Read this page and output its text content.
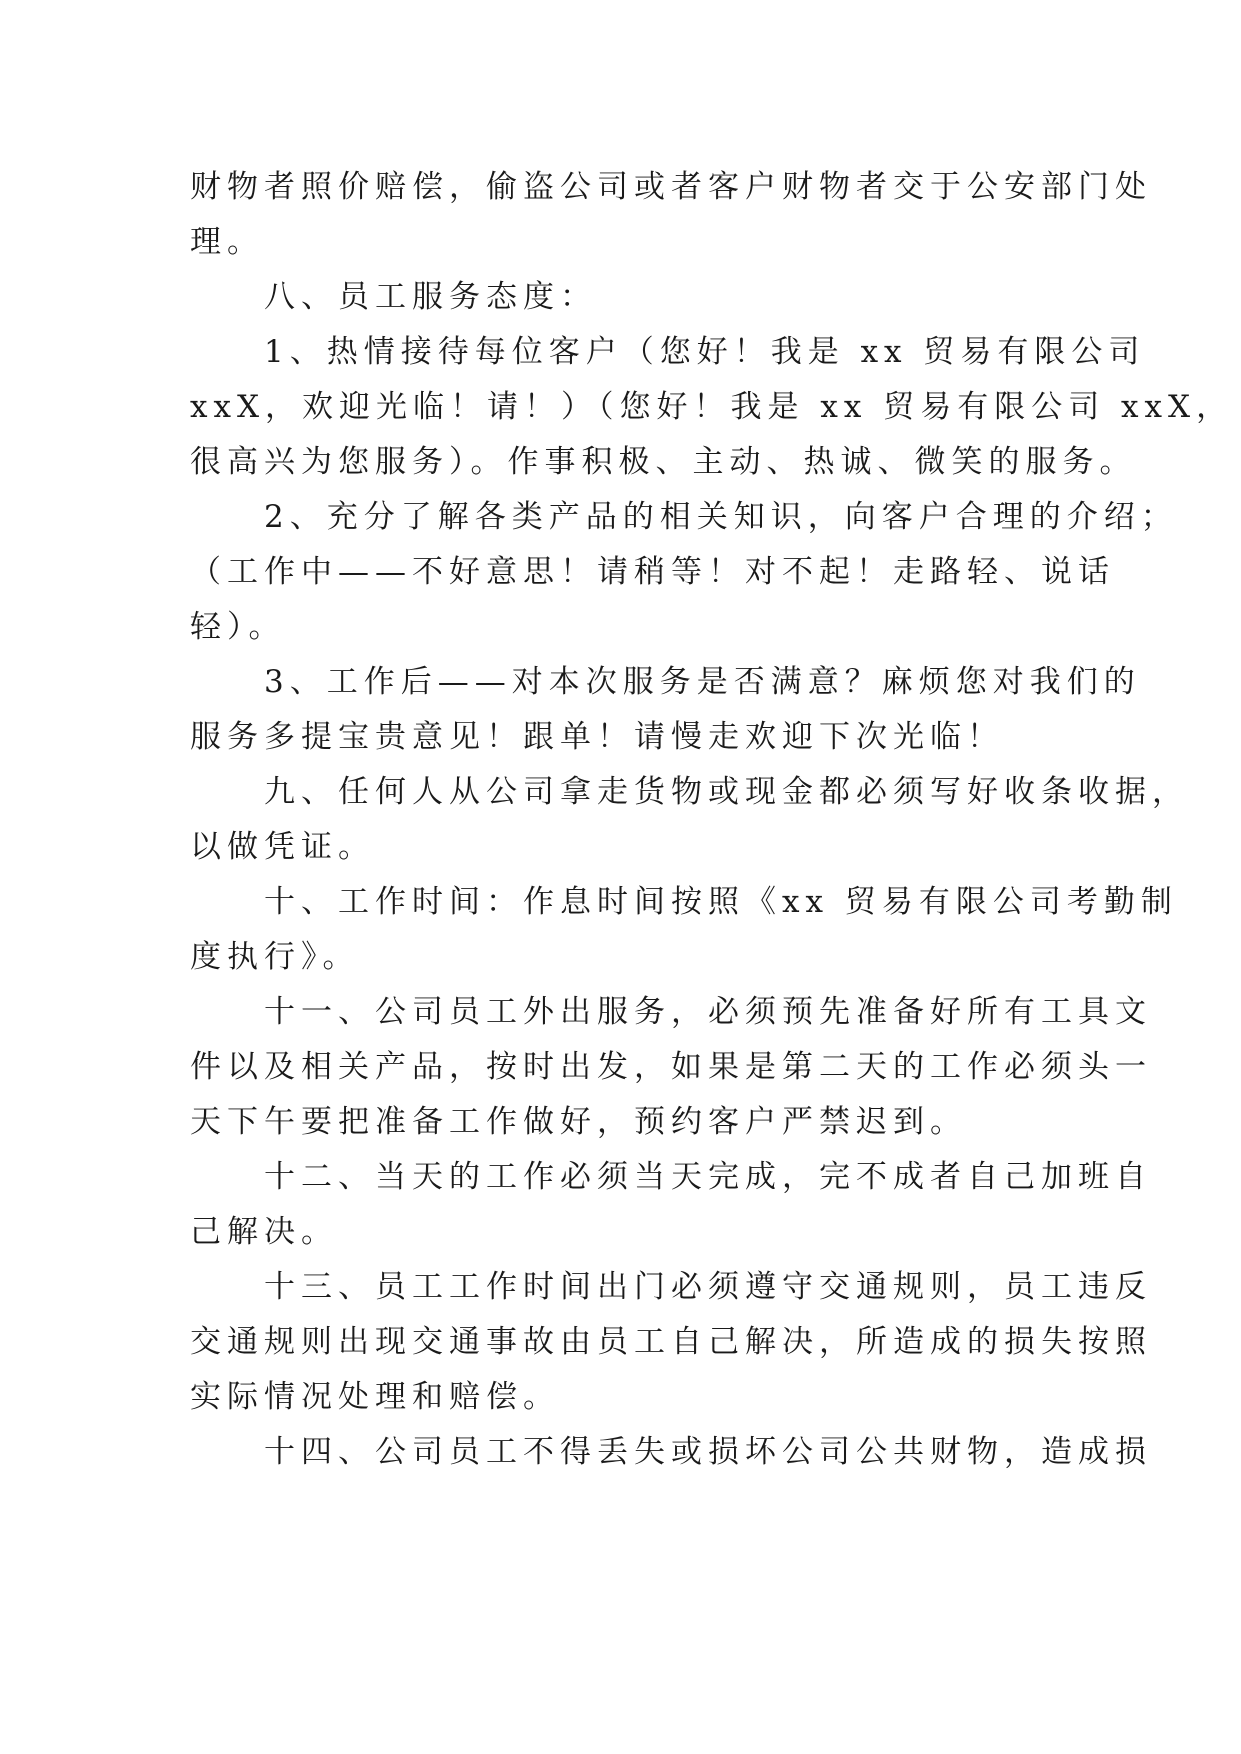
财物者照价赔偿，偷盗公司或者客户财物者交于公安部门处
理。
　　八、员工服务态度：
　　1、热情接待每位客户（您好！我是 xx 贸易有限公司
xxX，欢迎光临！请！）（您好！我是 xx 贸易有限公司 xxX，
很高兴为您服务）。作事积极、主动、热诚、微笑的服务。
　　2、充分了解各类产品的相关知识，向客户合理的介绍；
（工作中——不好意思！请稍等！对不起！走路轻、说话
轻）。
　　3、工作后——对本次服务是否满意？麻烦您对我们的
服务多提宝贵意见！跟单！请慢走欢迎下次光临！
　　九、任何人从公司拿走货物或现金都必须写好收条收据，
以做凭证。
　　十、工作时间：作息时间按照《xx 贸易有限公司考勤制
度执行》。
　　十一、公司员工外出服务，必须预先准备好所有工具文
件以及相关产品，按时出发，如果是第二天的工作必须头一
天下午要把准备工作做好，预约客户严禁迟到。
　　十二、当天的工作必须当天完成，完不成者自己加班自
己解决。
　　十三、员工工作时间出门必须遵守交通规则，员工违反
交通规则出现交通事故由员工自己解决，所造成的损失按照
实际情况处理和赔偿。
　　十四、公司员工不得丢失或损坏公司公共财物，造成损
